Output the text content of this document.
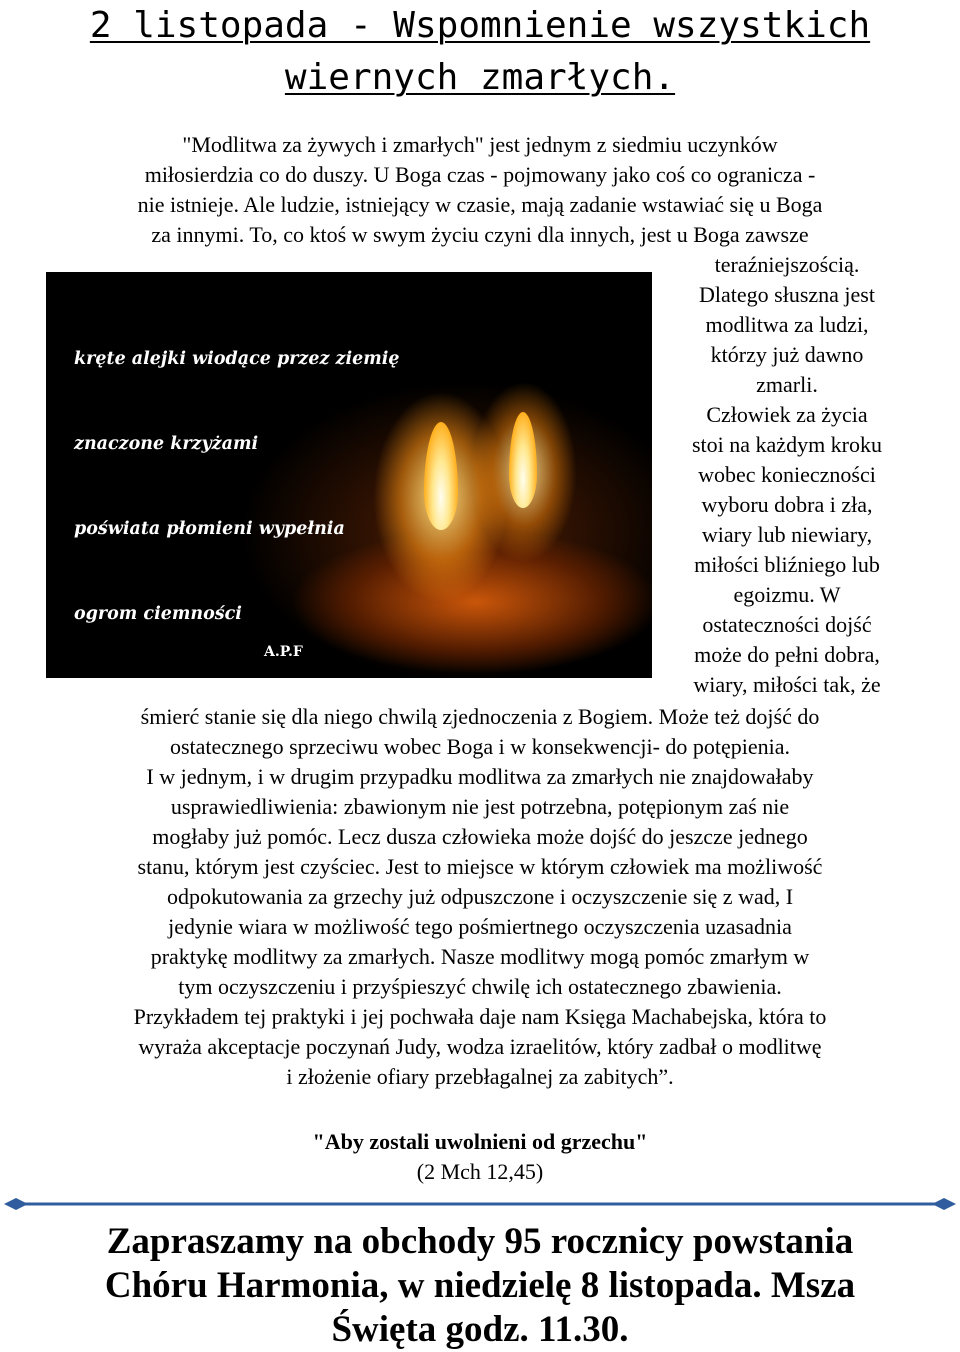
2 listopada - Wspomnienie wszystkich
wiernych zmarłych.
"Modlitwa za żywych i zmarłych" jest jednym z siedmiu uczynków
miłosierdzia co do duszy. U Boga czas - pojmowany jako coś co ogranicza -
nie istnieje. Ale ludzie, istniejący w czasie, mają zadanie wstawiać się u Boga
za innymi. To, co ktoś w swym życiu czyni dla innych, jest u Boga zawsze

kręte alejki wiodące przez ziemię

znaczone krzyżami

poświata płomieni wypełnia

ogrom ciemności

A.P.F
teraźniejszością.
Dlatego słuszna jest
modlitwa za ludzi,
którzy już dawno
zmarli.
Człowiek za życia
stoi na każdym kroku
wobec konieczności
wyboru dobra i zła,
wiary lub niewiary,
miłości bliźniego lub
egoizmu. W
ostateczności dojść
może do pełni dobra,
wiary, miłości tak, że
śmierć stanie się dla niego chwilą zjednoczenia z Bogiem. Może też dojść do
ostatecznego sprzeciwu wobec Boga i w konsekwencji- do potępienia.
I w jednym, i w drugim przypadku modlitwa za zmarłych nie znajdowałaby
usprawiedliwienia: zbawionym nie jest potrzebna, potępionym zaś nie
mogłaby już pomóc. Lecz dusza człowieka może dojść do jeszcze jednego
stanu, którym jest czyściec. Jest to miejsce w którym człowiek ma możliwość
odpokutowania za grzechy już odpuszczone i oczyszczenie się z wad, I
jedynie wiara w możliwość tego pośmiertnego oczyszczenia uzasadnia
praktykę modlitwy za zmarłych. Nasze modlitwy mogą pomóc zmarłym w
tym oczyszczeniu i przyśpieszyć chwilę ich ostatecznego zbawienia.
Przykładem tej praktyki i jej pochwała daje nam Księga Machabejska, która to
wyraża akceptacje poczynań Judy, wodza izraelitów, który zadbał o modlitwę
i złożenie ofiary przebłagalnej za zabitych”.
"Aby zostali uwolnieni od grzechu"
(2 Mch 12,45)
Zapraszamy na obchody 95 rocznicy powstania
Chóru Harmonia, w niedzielę 8 listopada. Msza
Święta godz. 11.30.
